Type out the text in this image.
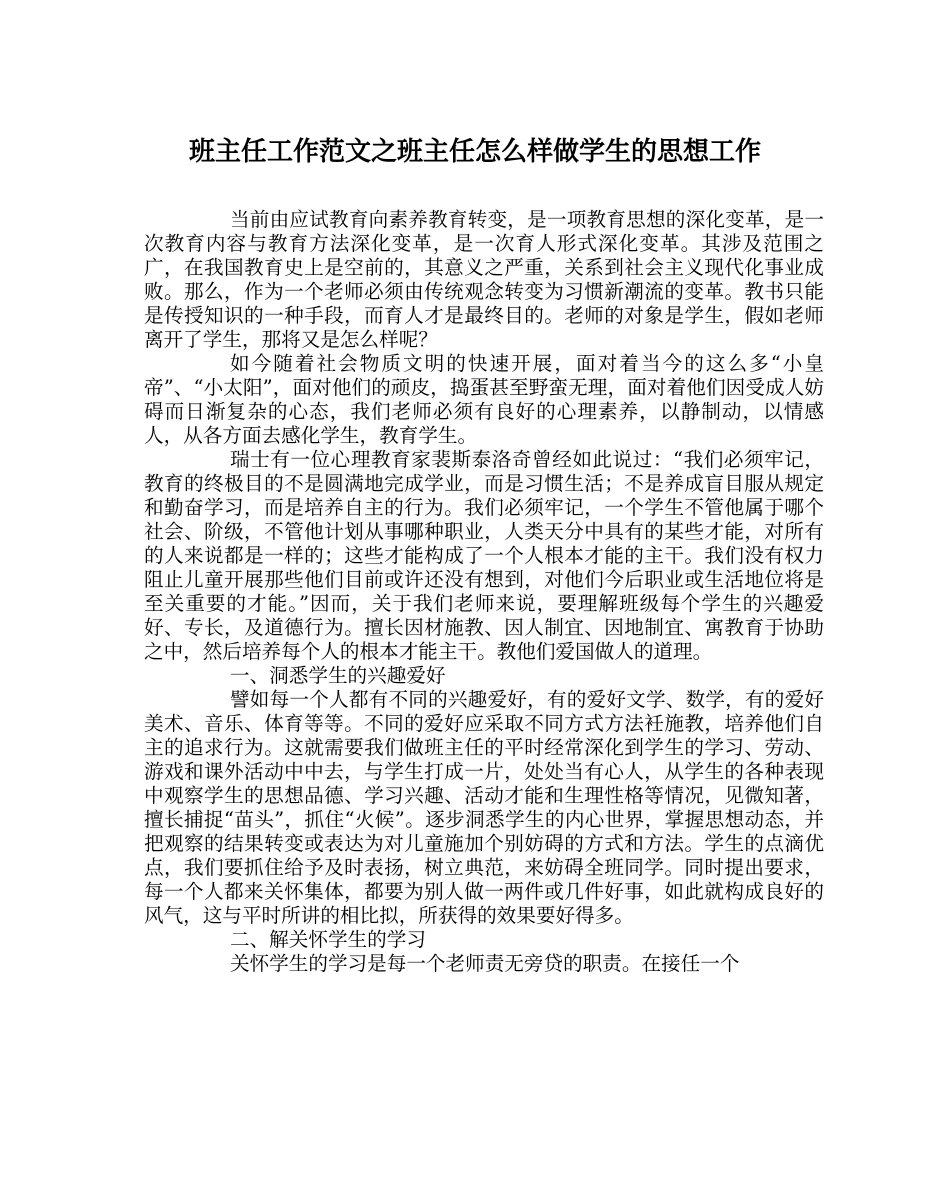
班主任工作范文之班主任怎么样做学生的思想工作

当前由应试教育向素养教育转变，是一项教育思想的深化变革，是一次教育内容与教育方法深化变革，是一次育人形式深化变革。其涉及范围之广，在我国教育史上是空前的，其意义之严重，关系到社会主义现代化事业成败。那么，作为一个老师必须由传统观念转变为习惯新潮流的变革。教书只能是传授知识的一种手段，而育人才是最终目的。老师的对象是学生，假如老师离开了学生，那将又是怎么样呢？

如今随着社会物质文明的快速开展，面对着当今的这么多“小皇帝”、“小太阳”，面对他们的顽皮，捣蛋甚至野蛮无理，面对着他们因受成人妨碍而日渐复杂的心态，我们老师必须有良好的心理素养，以静制动，以情感人，从各方面去感化学生，教育学生。

瑞士有一位心理教育家裴斯泰洛奇曾经如此说过：“我们必须牢记，教育的终极目的不是圆满地完成学业，而是习惯生活；不是养成盲目服从规定和勤奋学习，而是培养自主的行为。我们必须牢记，一个学生不管他属于哪个社会、阶级，不管他计划从事哪种职业，人类天分中具有的某些才能，对所有的人来说都是一样的；这些才能构成了一个人根本才能的主干。我们没有权力阻止儿童开展那些他们目前或许还没有想到，对他们今后职业或生活地位将是至关重要的才能。”因而，关于我们老师来说，要理解班级每个学生的兴趣爱好、专长，及道德行为。擅长因材施教、因人制宜、因地制宜、寓教育于协助之中，然后培养每个人的根本才能主干。教他们爱国做人的道理。

一、洞悉学生的兴趣爱好

譬如每一个人都有不同的兴趣爱好，有的爱好文学、数学，有的爱好美术、音乐、体育等等。不同的爱好应采取不同方式方法衽施教，培养他们自主的追求行为。这就需要我们做班主任的平时经常深化到学生的学习、劳动、游戏和课外活动中中去，与学生打成一片，处处当有心人，从学生的各种表现中观察学生的思想品德、学习兴趣、活动才能和生理性格等情况，见微知著，擅长捕捉“苗头”，抓住“火候”。逐步洞悉学生的内心世界，掌握思想动态，并把观察的结果转变或表达为对儿童施加个别妨碍的方式和方法。学生的点滴优点，我们要抓住给予及时表扬，树立典范，来妨碍全班同学。同时提出要求，每一个人都来关怀集体，都要为别人做一两件或几件好事，如此就构成良好的风气，这与平时所讲的相比拟，所获得的效果要好得多。

二、解关怀学生的学习

关怀学生的学习是每一个老师责无旁贷的职责。在接任一个
